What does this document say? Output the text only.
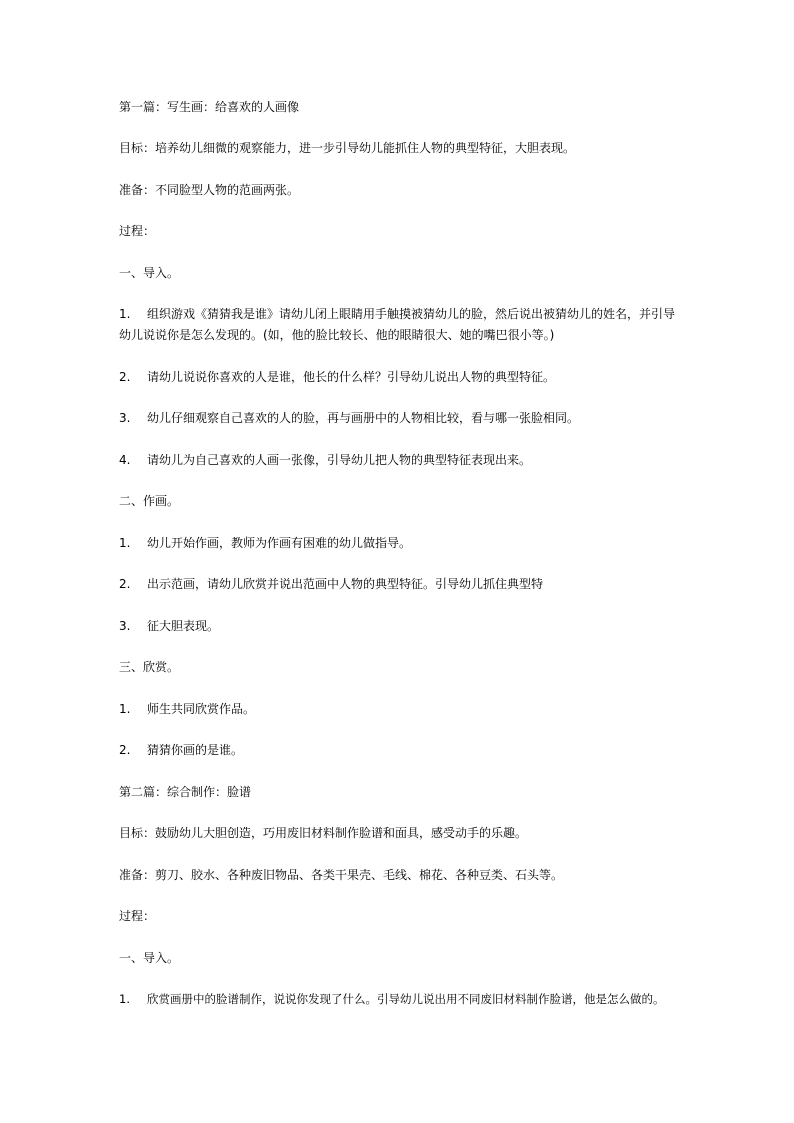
第一篇：写生画：给喜欢的人画像
目标：培养幼儿细微的观察能力，进一步引导幼儿能抓住人物的典型特征，大胆表现。
准备：不同脸型人物的范画两张。
过程：
一、导入。
1. 组织游戏《猜猜我是谁》请幼儿闭上眼睛用手触摸被猜幼儿的脸，然后说出被猜幼儿的姓名，并引导幼儿说说你是怎么发现的。(如，他的脸比较长、他的眼睛很大、她的嘴巴很小等。)
2. 请幼儿说说你喜欢的人是谁，他长的什么样？引导幼儿说出人物的典型特征。
3. 幼儿仔细观察自己喜欢的人的脸，再与画册中的人物相比较，看与哪一张脸相同。
4. 请幼儿为自己喜欢的人画一张像，引导幼儿把人物的典型特征表现出来。
二、作画。
1. 幼儿开始作画，教师为作画有困难的幼儿做指导。
2. 出示范画，请幼儿欣赏并说出范画中人物的典型特征。引导幼儿抓住典型特
3. 征大胆表现。
三、欣赏。
1. 师生共同欣赏作品。
2. 猜猜你画的是谁。
第二篇：综合制作：脸谱
目标：鼓励幼儿大胆创造，巧用废旧材料制作脸谱和面具，感受动手的乐趣。
准备：剪刀、胶水、各种废旧物品、各类干果壳、毛线、棉花、各种豆类、石头等。
过程：
一、导入。
1. 欣赏画册中的脸谱制作，说说你发现了什么。引导幼儿说出用不同废旧材料制作脸谱，他是怎么做的。
